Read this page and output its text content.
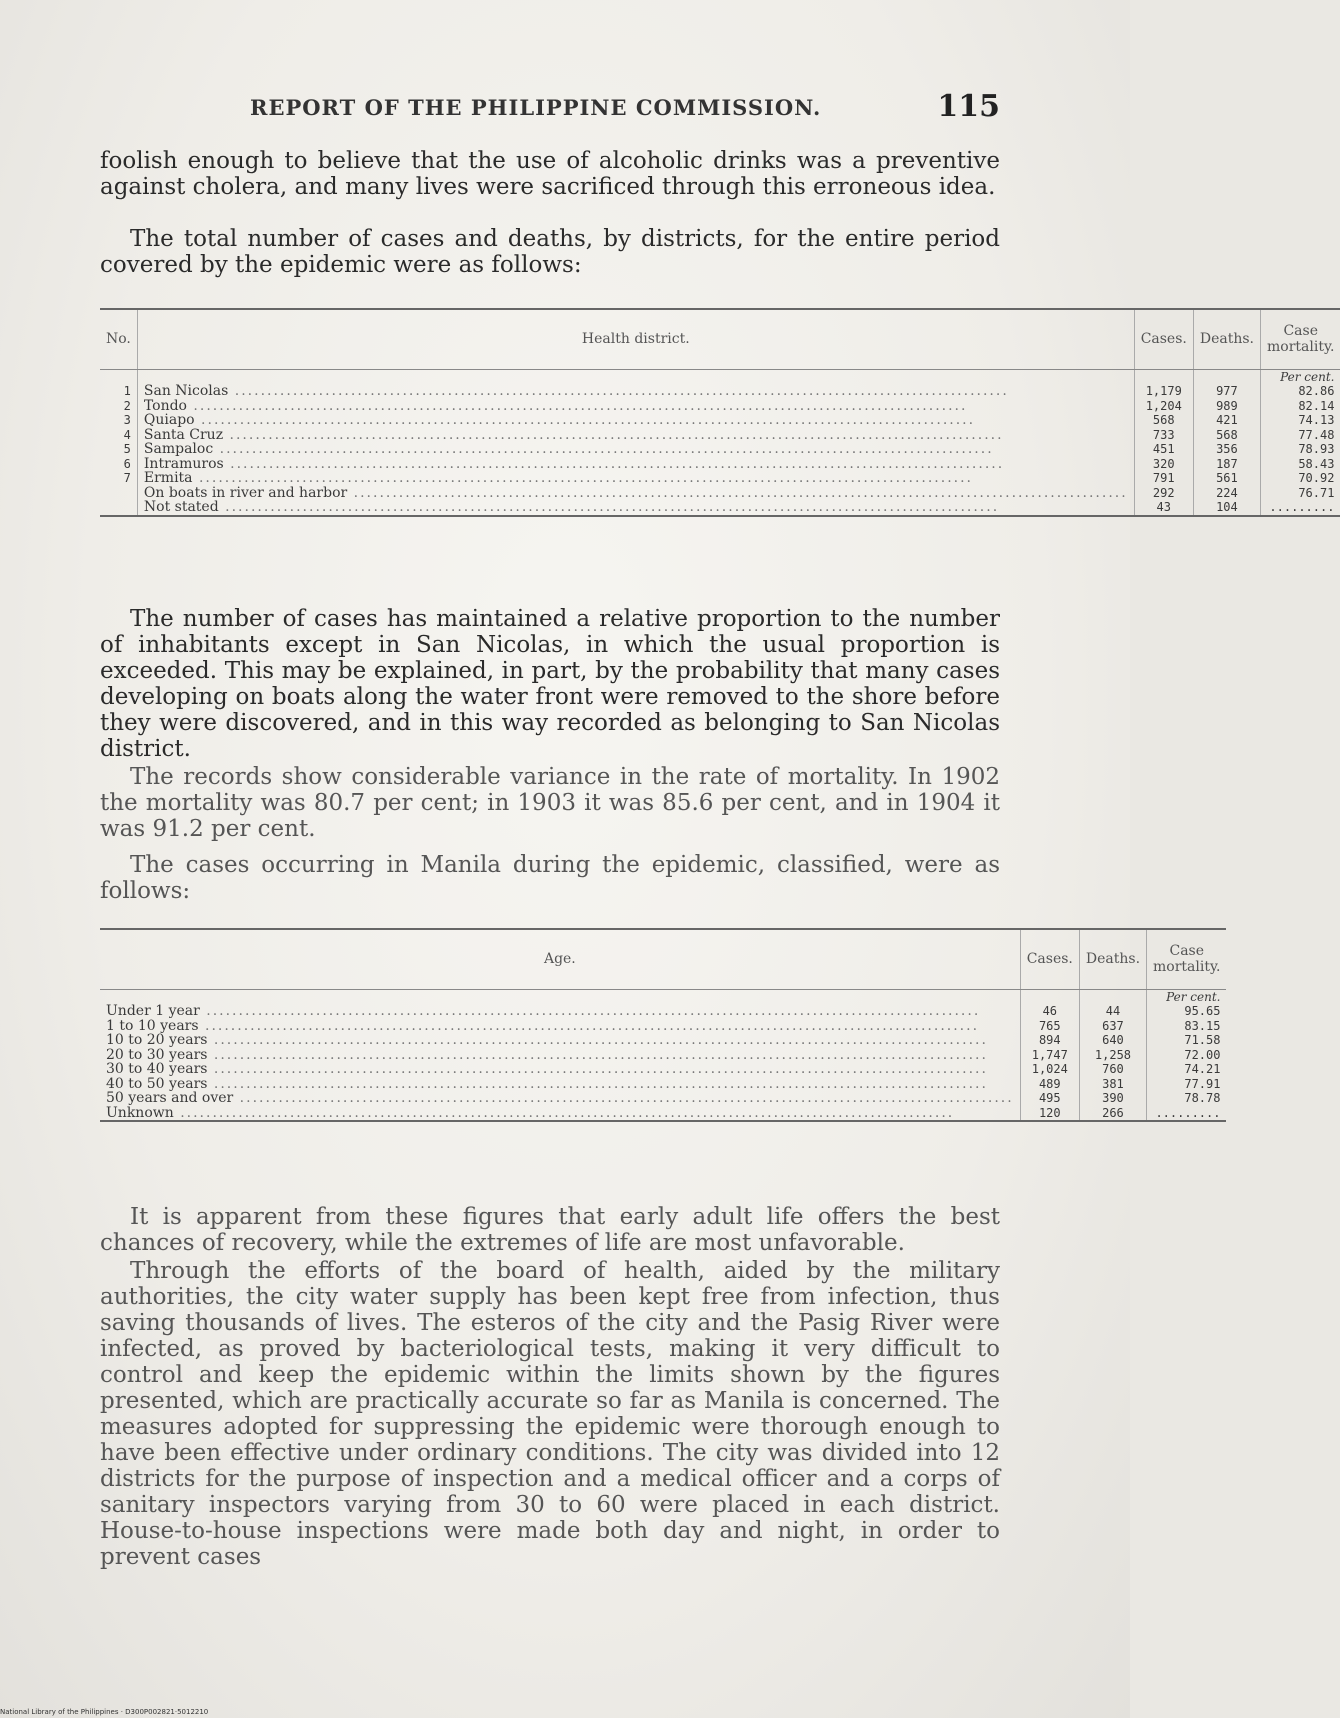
REPORT OF THE PHILIPPINE COMMISSION.	115

foolish enough to believe that the use of alcoholic drinks was a preventive against cholera, and many lives were sacrificed through this erroneous idea.

The total number of cases and deaths, by districts, for the entire period covered by the epidemic were as follows:

No.	Health district.	Cases.	Deaths.	Case mortality.
				Per cent.
1	San Nicolas ........................................................................................................................	1,179	977	82.86
2	Tondo ........................................................................................................................	1,204	989	82.14
3	Quiapo ........................................................................................................................	568	421	74.13
4	Santa Cruz ........................................................................................................................	733	568	77.48
5	Sampaloc ........................................................................................................................	451	356	78.93
6	Intramuros ........................................................................................................................	320	187	58.43
7	Ermita ........................................................................................................................	791	561	70.92
	On boats in river and harbor ........................................................................................................................	292	224	76.71
	Not stated ........................................................................................................................	43	104	.........

The number of cases has maintained a relative proportion to the number of inhabitants except in San Nicolas, in which the usual proportion is exceeded. This may be explained, in part, by the probability that many cases developing on boats along the water front were removed to the shore before they were discovered, and in this way recorded as belonging to San Nicolas district.

The records show considerable variance in the rate of mortality. In 1902 the mortality was 80.7 per cent; in 1903 it was 85.6 per cent, and in 1904 it was 91.2 per cent.

The cases occurring in Manila during the epidemic, classified, were as follows:

Age.	Cases.	Deaths.	Case mortality.
			Per cent.
Under 1 year ........................................................................................................................	46	44	95.65
1 to 10 years ........................................................................................................................	765	637	83.15
10 to 20 years ........................................................................................................................	894	640	71.58
20 to 30 years ........................................................................................................................	1,747	1,258	72.00
30 to 40 years ........................................................................................................................	1,024	760	74.21
40 to 50 years ........................................................................................................................	489	381	77.91
50 years and over ........................................................................................................................	495	390	78.78
Unknown ........................................................................................................................	120	266	.........

It is apparent from these figures that early adult life offers the best chances of recovery, while the extremes of life are most unfavorable.

Through the efforts of the board of health, aided by the military authorities, the city water supply has been kept free from infection, thus saving thousands of lives. The esteros of the city and the Pasig River were infected, as proved by bacteriological tests, making it very difficult to control and keep the epidemic within the limits shown by the figures presented, which are practically accurate so far as Manila is concerned. The measures adopted for suppressing the epidemic were thorough enough to have been effective under ordinary conditions. The city was divided into 12 districts for the purpose of inspection and a medical officer and a corps of sanitary inspectors varying from 30 to 60 were placed in each district. House-to-house inspections were made both day and night, in order to prevent cases

National Library of the Philippines · D300P002821·5012210
